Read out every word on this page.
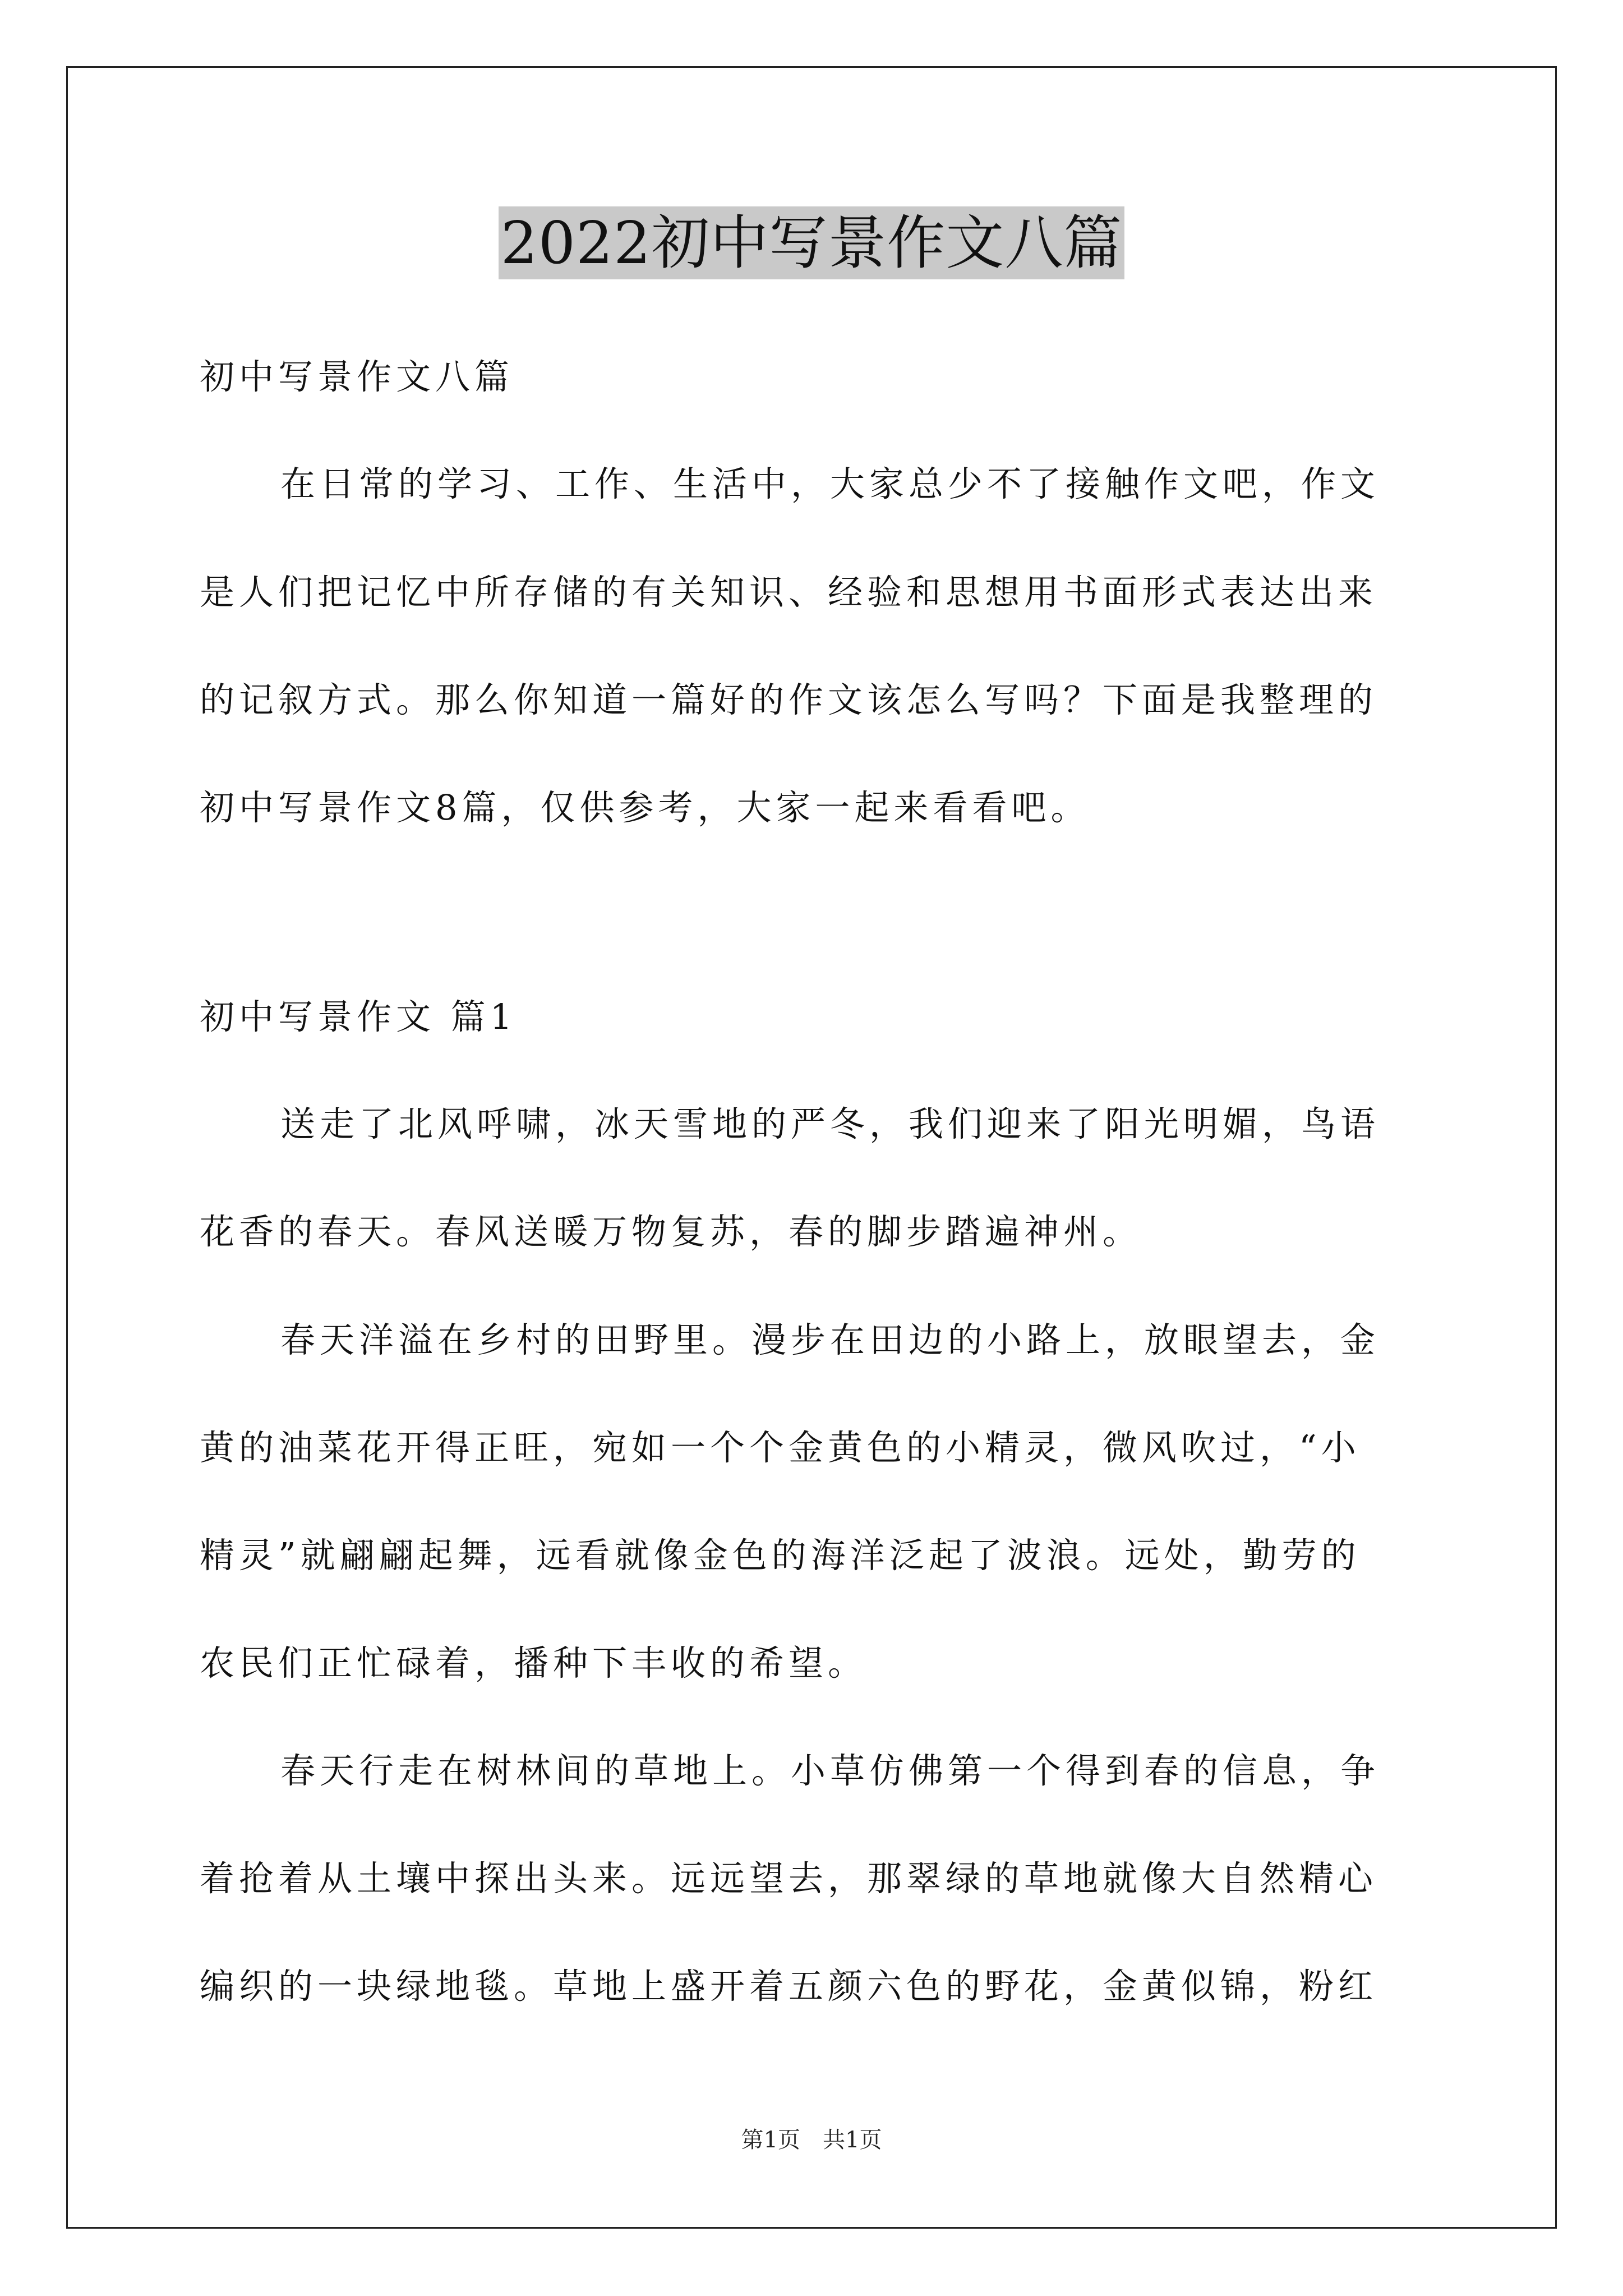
2022初中写景作文八篇
初中写景作文八篇
在日常的学习、工作、生活中，大家总少不了接触作文吧，作文
是人们把记忆中所存储的有关知识、经验和思想用书面形式表达出来
的记叙方式。那么你知道一篇好的作文该怎么写吗？下面是我整理的
初中写景作文8篇，仅供参考，大家一起来看看吧。
初中写景作文 篇1
送走了北风呼啸，冰天雪地的严冬，我们迎来了阳光明媚，鸟语
花香的春天。春风送暖万物复苏，春的脚步踏遍神州。
春天洋溢在乡村的田野里。漫步在田边的小路上，放眼望去，金
黄的油菜花开得正旺，宛如一个个金黄色的小精灵，微风吹过，“小
精灵”就翩翩起舞，远看就像金色的海洋泛起了波浪。远处，勤劳的
农民们正忙碌着，播种下丰收的希望。
春天行走在树林间的草地上。小草仿佛第一个得到春的信息，争
着抢着从土壤中探出头来。远远望去，那翠绿的草地就像大自然精心
编织的一块绿地毯。草地上盛开着五颜六色的野花，金黄似锦，粉红
第1页　共1页
